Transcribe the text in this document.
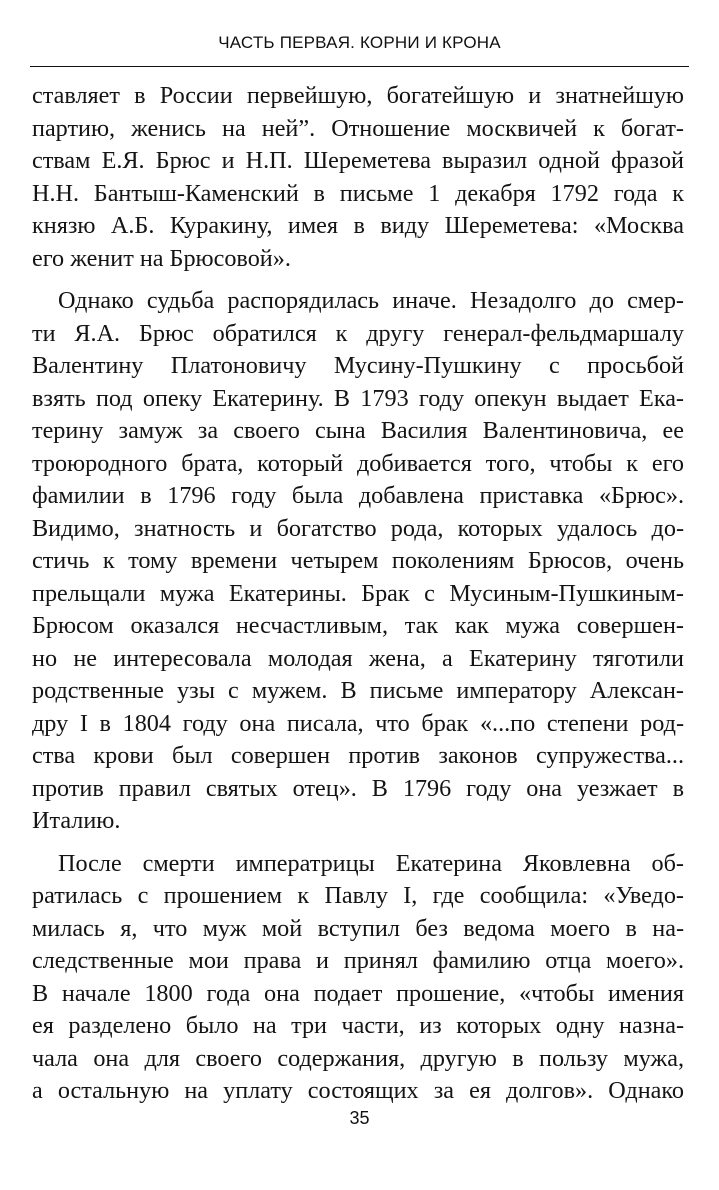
ЧАСТЬ ПЕРВАЯ. КОРНИ И КРОНА
ставляет в России первейшую, богатейшую и знатнейшую
партию, женись на ней”. Отношение москвичей к богат-
ствам Е.Я. Брюс и Н.П. Шереметева выразил одной фразой
Н.Н. Бантыш-Каменский в письме 1 декабря 1792 года к
князю А.Б. Куракину, имея в виду Шереметева: «Москва
его женит на Брюсовой».
Однако судьба распорядилась иначе. Незадолго до смер-
ти Я.А. Брюс обратился к другу генерал-фельдмаршалу
Валентину Платоновичу Мусину-Пушкину с просьбой
взять под опеку Екатерину. В 1793 году опекун выдает Ека-
терину замуж за своего сына Василия Валентиновича, ее
троюродного брата, который добивается того, чтобы к его
фамилии в 1796 году была добавлена приставка «Брюс».
Видимо, знатность и богатство рода, которых удалось до-
стичь к тому времени четырем поколениям Брюсов, очень
прельщали мужа Екатерины. Брак с Мусиным-Пушкиным-
Брюсом оказался несчастливым, так как мужа совершен-
но не интересовала молодая жена, а Екатерину тяготили
родственные узы с мужем. В письме императору Алексан-
дру I в 1804 году она писала, что брак «...по степени род-
ства крови был совершен против законов супружества...
против правил святых отец». В 1796 году она уезжает в
Италию.
После смерти императрицы Екатерина Яковлевна об-
ратилась с прошением к Павлу I, где сообщила: «Уведо-
милась я, что муж мой вступил без ведома моего в на-
следственные мои права и принял фамилию отца моего».
В начале 1800 года она подает прошение, «чтобы имения
ея разделено было на три части, из которых одну назна-
чала она для своего содержания, другую в пользу мужа,
а остальную на уплату состоящих за ея долгов». Однако
35
